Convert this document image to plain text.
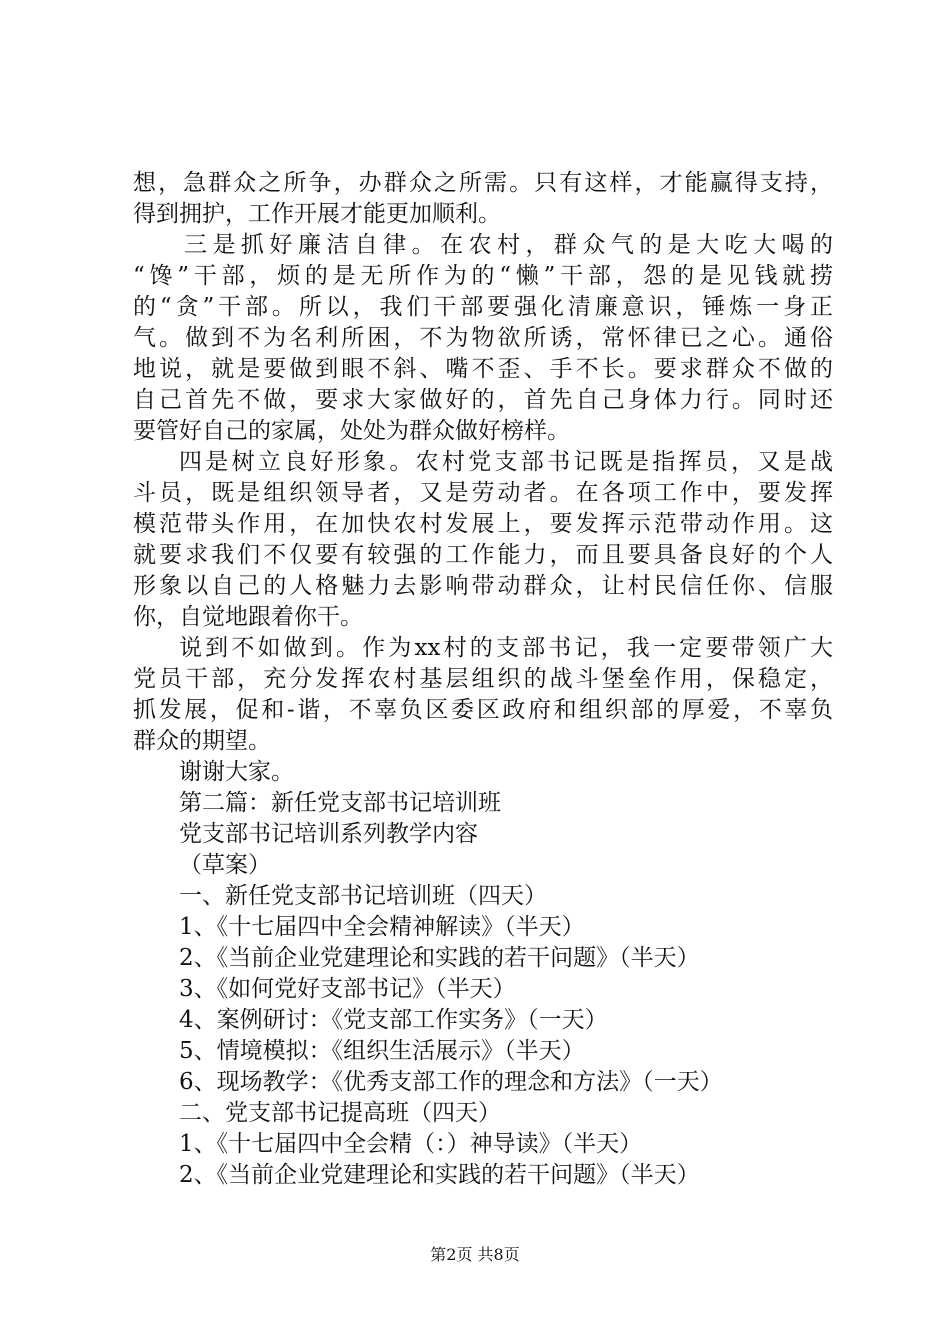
想，急群众之所争，办群众之所需。只有这样，才能赢得支持，
得到拥护，工作开展才能更加顺利。
三是抓好廉洁自律。在农村，群众气的是大吃大喝的
“馋”干部，烦的是无所作为的“懒”干部，怨的是见钱就捞
的“贪”干部。所以，我们干部要强化清廉意识，锤炼一身正
气。做到不为名利所困，不为物欲所诱，常怀律已之心。通俗
地说，就是要做到眼不斜、嘴不歪、手不长。要求群众不做的
自己首先不做，要求大家做好的，首先自己身体力行。同时还
要管好自己的家属，处处为群众做好榜样。
四是树立良好形象。农村党支部书记既是指挥员，又是战
斗员，既是组织领导者，又是劳动者。在各项工作中，要发挥
模范带头作用，在加快农村发展上，要发挥示范带动作用。这
就要求我们不仅要有较强的工作能力，而且要具备良好的个人
形象以自己的人格魅力去影响带动群众，让村民信任你、信服
你，自觉地跟着你干。
说到不如做到。作为xx村的支部书记，我一定要带领广大
党员干部，充分发挥农村基层组织的战斗堡垒作用，保稳定，
抓发展，促和-谐，不辜负区委区政府和组织部的厚爱，不辜负
群众的期望。
谢谢大家。
第二篇：新任党支部书记培训班
党支部书记培训系列教学内容
（草案）
一、新任党支部书记培训班（四天）
1、《十七届四中全会精神解读》（半天）
2、《当前企业党建理论和实践的若干问题》（半天）
3、《如何党好支部书记》（半天）
4、案例研讨：《党支部工作实务》（一天）
5、情境模拟：《组织生活展示》（半天）
6、现场教学：《优秀支部工作的理念和方法》（一天）
二、党支部书记提高班（四天）
1、《十七届四中全会精（：）神导读》（半天）
2、《当前企业党建理论和实践的若干问题》（半天）
第2页 共8页
